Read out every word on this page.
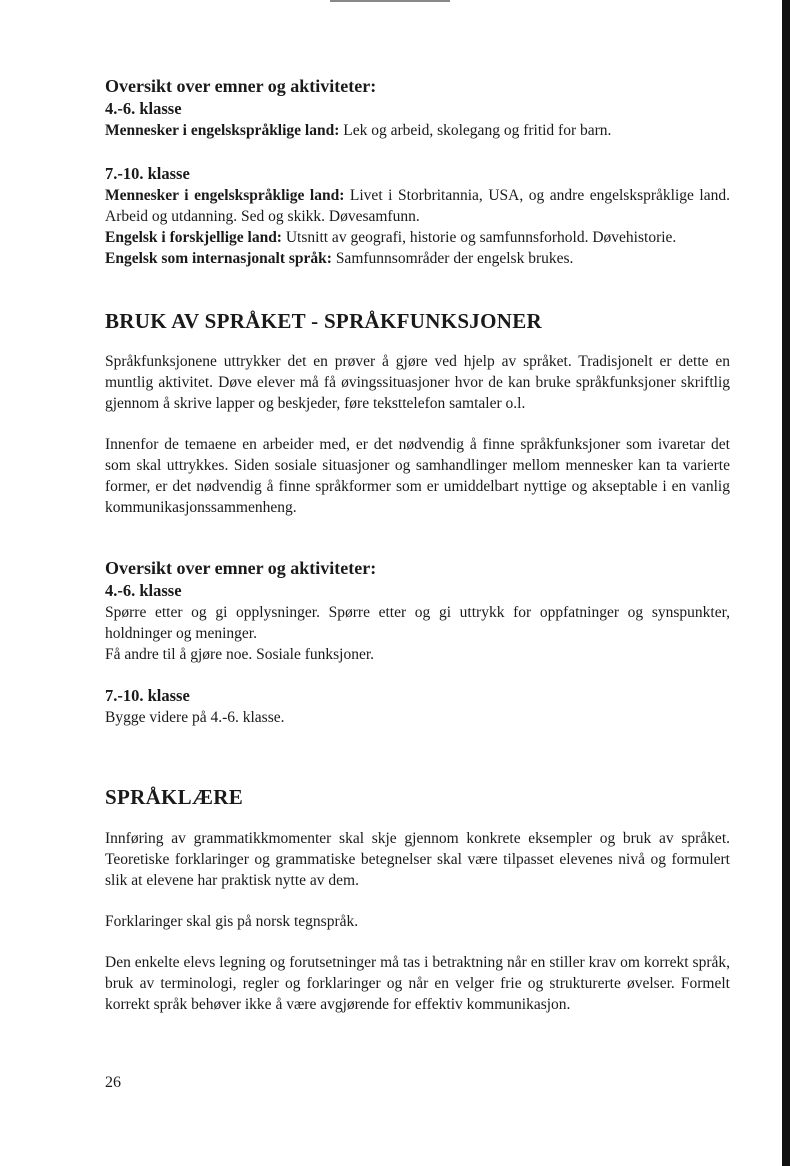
Oversikt over emner og aktiviteter:

4.-6. klasse

Mennesker i engelskspråklige land: Lek og arbeid, skolegang og fritid for barn.

7.-10. klasse

Mennesker i engelskspråklige land: Livet i Storbritannia, USA, og andre engelskspråklige land. Arbeid og utdanning. Sed og skikk. Døvesamfunn.

Engelsk i forskjellige land: Utsnitt av geografi, historie og samfunnsforhold. Døvehistorie.

Engelsk som internasjonalt språk: Samfunnsområder der engelsk brukes.

BRUK AV SPRÅKET - SPRÅKFUNKSJONER

Språkfunksjonene uttrykker det en prøver å gjøre ved hjelp av språket. Tradisjonelt er dette en muntlig aktivitet. Døve elever må få øvingssituasjoner hvor de kan bruke språkfunksjoner skriftlig gjennom å skrive lapper og beskjeder, føre teksttelefon samtaler o.l.

Innenfor de temaene en arbeider med, er det nødvendig å finne språkfunksjoner som ivaretar det som skal uttrykkes. Siden sosiale situasjoner og samhandlinger mellom mennesker kan ta varierte former, er det nødvendig å finne språkformer som er umiddelbart nyttige og akseptable i en vanlig kommunikasjonssammenheng.

Oversikt over emner og aktiviteter:

4.-6. klasse

Spørre etter og gi opplysninger. Spørre etter og gi uttrykk for oppfatninger og synspunkter, holdninger og meninger.

Få andre til å gjøre noe. Sosiale funksjoner.

7.-10. klasse

Bygge videre på 4.-6. klasse.

SPRÅKLÆRE

Innføring av grammatikkmomenter skal skje gjennom konkrete eksempler og bruk av språket. Teoretiske forklaringer og grammatiske betegnelser skal være tilpasset elevenes nivå og formulert slik at elevene har praktisk nytte av dem.

Forklaringer skal gis på norsk tegnspråk.

Den enkelte elevs legning og forutsetninger må tas i betraktning når en stiller krav om korrekt språk, bruk av terminologi, regler og forklaringer og når en velger frie og strukturerte øvelser. Formelt korrekt språk behøver ikke å være avgjørende for effektiv kommunikasjon.

26
